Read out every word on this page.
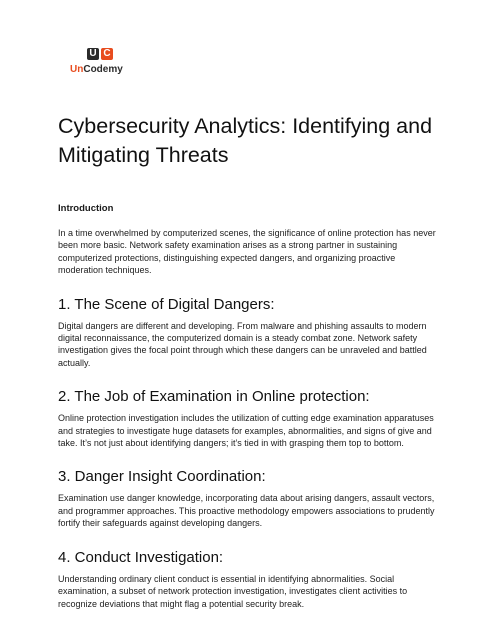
U C
UnCodemy
Cybersecurity Analytics: Identifying and Mitigating Threats
Introduction

In a time overwhelmed by computerized scenes, the significance of online protection has never been more basic. Network safety examination arises as a strong partner in sustaining computerized protections, distinguishing expected dangers, and organizing proactive moderation techniques.

1. The Scene of Digital Dangers:

Digital dangers are different and developing. From malware and phishing assaults to modern digital reconnaissance, the computerized domain is a steady combat zone. Network safety investigation gives the focal point through which these dangers can be unraveled and battled actually.

2. The Job of Examination in Online protection:

Online protection investigation includes the utilization of cutting edge examination apparatuses and strategies to investigate huge datasets for examples, abnormalities, and signs of give and take. It’s not just about identifying dangers; it’s tied in with grasping them top to bottom.

3. Danger Insight Coordination:

Examination use danger knowledge, incorporating data about arising dangers, assault vectors, and programmer approaches. This proactive methodology empowers associations to prudently fortify their safeguards against developing dangers.

4. Conduct Investigation:

Understanding ordinary client conduct is essential in identifying abnormalities. Social examination, a subset of network protection investigation, investigates client activities to recognize deviations that might flag a potential security break.
